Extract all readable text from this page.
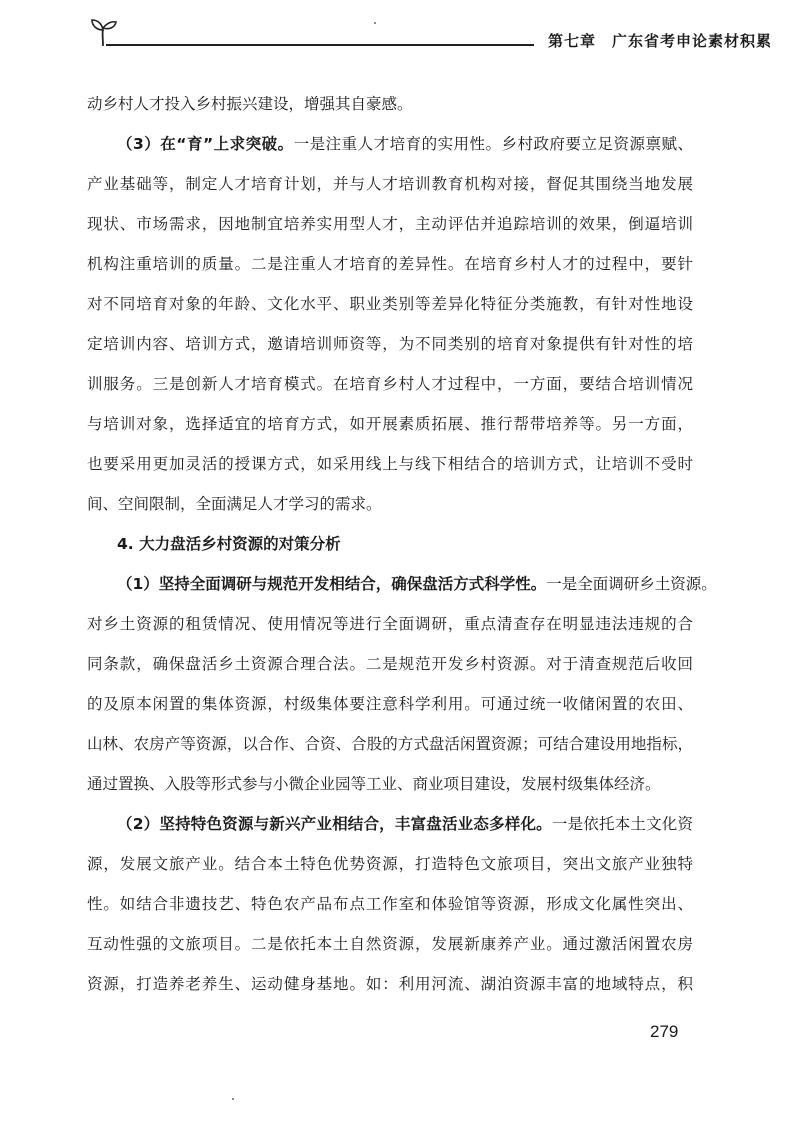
第七章　广东省考申论素材积累
动乡村人才投入乡村振兴建设，增强其自豪感。
（3）在“育”上求突破。一是注重人才培育的实用性。乡村政府要立足资源禀赋、
产业基础等，制定人才培育计划，并与人才培训教育机构对接，督促其围绕当地发展
现状、市场需求，因地制宜培养实用型人才，主动评估并追踪培训的效果，倒逼培训
机构注重培训的质量。二是注重人才培育的差异性。在培育乡村人才的过程中，要针
对不同培育对象的年龄、文化水平、职业类别等差异化特征分类施教，有针对性地设
定培训内容、培训方式，邀请培训师资等，为不同类别的培育对象提供有针对性的培
训服务。三是创新人才培育模式。在培育乡村人才过程中，一方面，要结合培训情况
与培训对象，选择适宜的培育方式，如开展素质拓展、推行帮带培养等。另一方面，
也要采用更加灵活的授课方式，如采用线上与线下相结合的培训方式，让培训不受时
间、空间限制，全面满足人才学习的需求。
4. 大力盘活乡村资源的对策分析
（1）坚持全面调研与规范开发相结合，确保盘活方式科学性。一是全面调研乡土资源。
对乡土资源的租赁情况、使用情况等进行全面调研，重点清查存在明显违法违规的合
同条款，确保盘活乡土资源合理合法。二是规范开发乡村资源。对于清查规范后收回
的及原本闲置的集体资源，村级集体要注意科学利用。可通过统一收储闲置的农田、
山林、农房产等资源，以合作、合资、合股的方式盘活闲置资源；可结合建设用地指标，
通过置换、入股等形式参与小微企业园等工业、商业项目建设，发展村级集体经济。
（2）坚持特色资源与新兴产业相结合，丰富盘活业态多样化。一是依托本土文化资
源，发展文旅产业。结合本土特色优势资源，打造特色文旅项目，突出文旅产业独特
性。如结合非遗技艺、特色农产品布点工作室和体验馆等资源，形成文化属性突出、
互动性强的文旅项目。二是依托本土自然资源，发展新康养产业。通过激活闲置农房
资源，打造养老养生、运动健身基地。如：利用河流、湖泊资源丰富的地域特点，积
279
